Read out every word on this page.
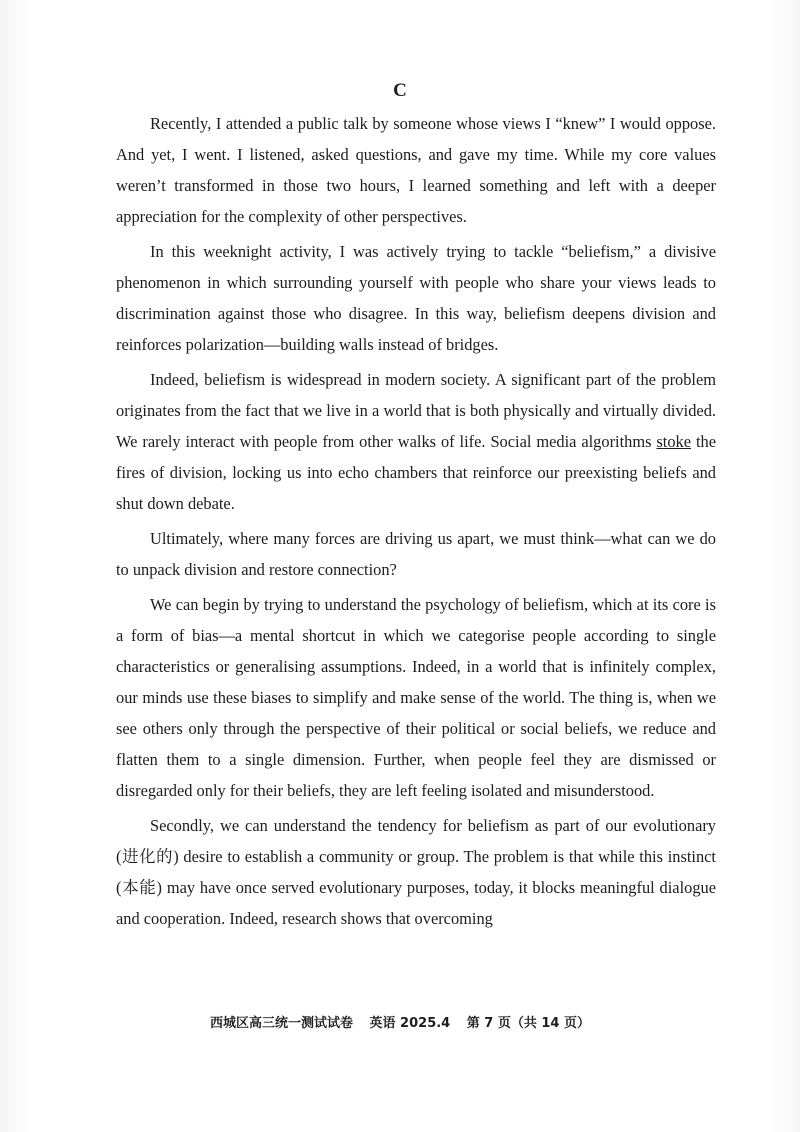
C

Recently, I attended a public talk by someone whose views I “knew” I would oppose. And yet, I went. I listened, asked questions, and gave my time. While my core values weren’t transformed in those two hours, I learned something and left with a deeper appreciation for the complexity of other perspectives.

In this weeknight activity, I was actively trying to tackle “beliefism,” a divisive phenomenon in which surrounding yourself with people who share your views leads to discrimination against those who disagree. In this way, beliefism deepens division and reinforces polarization—building walls instead of bridges.

Indeed, beliefism is widespread in modern society. A significant part of the problem originates from the fact that we live in a world that is both physically and virtually divided. We rarely interact with people from other walks of life. Social media algorithms stoke the fires of division, locking us into echo chambers that reinforce our preexisting beliefs and shut down debate.

Ultimately, where many forces are driving us apart, we must think—what can we do to unpack division and restore connection?

We can begin by trying to understand the psychology of beliefism, which at its core is a form of bias—a mental shortcut in which we categorise people according to single characteristics or generalising assumptions. Indeed, in a world that is infinitely complex, our minds use these biases to simplify and make sense of the world. The thing is, when we see others only through the perspective of their political or social beliefs, we reduce and flatten them to a single dimension. Further, when people feel they are dismissed or disregarded only for their beliefs, they are left feeling isolated and misunderstood.

Secondly, we can understand the tendency for beliefism as part of our evolutionary (进化的) desire to establish a community or group. The problem is that while this instinct (本能) may have once served evolutionary purposes, today, it blocks meaningful dialogue and cooperation. Indeed, research shows that overcoming

西城区高三统一测试试卷 英语 2025.4 第 7 页（共 14 页）
